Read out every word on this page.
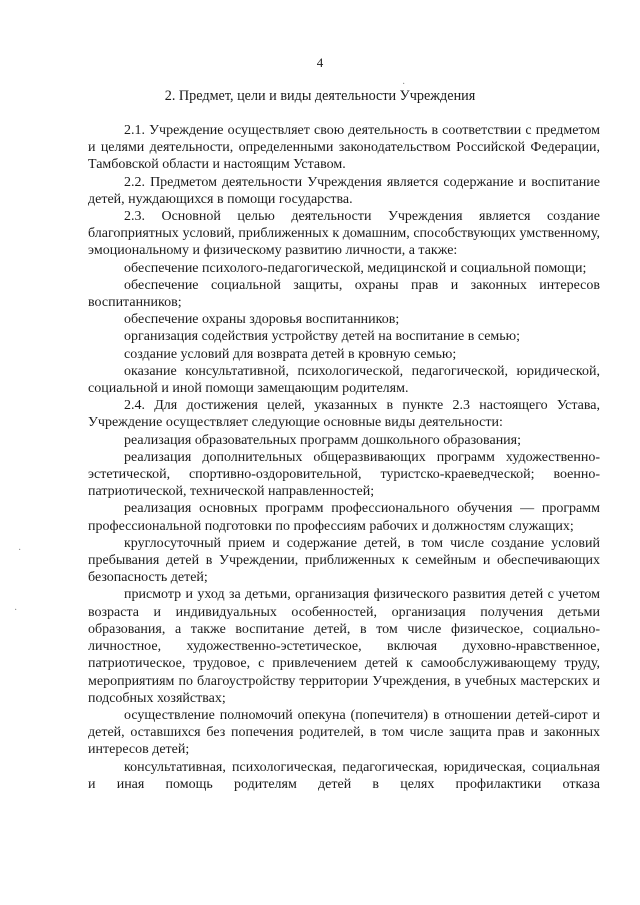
4
2. Предмет, цели и виды деятельности Учреждения
·
·
·

2.1. Учреждение осуществляет свою деятельность в соответствии с предметом и целями деятельности, определенными законодательством Российской Федерации, Тамбовской области и настоящим Уставом.

2.2. Предметом деятельности Учреждения является содержание и воспитание детей, нуждающихся в помощи государства.

2.3. Основной целью деятельности Учреждения является создание благоприятных условий, приближенных к домашним, способствующих умственному, эмоциональному и физическому развитию личности, а также:

обеспечение психолого-педагогической, медицинской и социальной помощи;

обеспечение социальной защиты, охраны прав и законных интересов воспитанников;

обеспечение охраны здоровья воспитанников;

организация содействия устройству детей на воспитание в семью;

создание условий для возврата детей в кровную семью;

оказание консультативной, психологической, педагогической, юридической, социальной и иной помощи замещающим родителям.

2.4. Для достижения целей, указанных в пункте 2.3 настоящего Устава, Учреждение осуществляет следующие основные виды деятельности:

реализация образовательных программ дошкольного образования;

реализация дополнительных общеразвивающих программ художественно-эстетической, спортивно-оздоровительной, туристско-краеведческой; военно-патриотической, технической направленностей;

реализация основных программ профессионального обучения — программ профессиональной подготовки по профессиям рабочих и должностям служащих;

круглосуточный прием и содержание детей, в том числе создание условий пребывания детей в Учреждении, приближенных к семейным и обеспечивающих безопасность детей;

присмотр и уход за детьми, организация физического развития детей с учетом возраста и индивидуальных особенностей, организация получения детьми образования, а также воспитание детей, в том числе физическое, социально-личностное, художественно-эстетическое, включая духовно-нравственное, патриотическое, трудовое, с привлечением детей к самообслуживающему труду, мероприятиям по благоустройству территории Учреждения, в учебных мастерских и подсобных хозяйствах;

осуществление полномочий опекуна (попечителя) в отношении детей-сирот и детей, оставшихся без попечения родителей, в том числе защита прав и законных интересов детей;

консультативная, психологическая, педагогическая, юридическая, социальная и иная помощь родителям детей в целях профилактики отказа
